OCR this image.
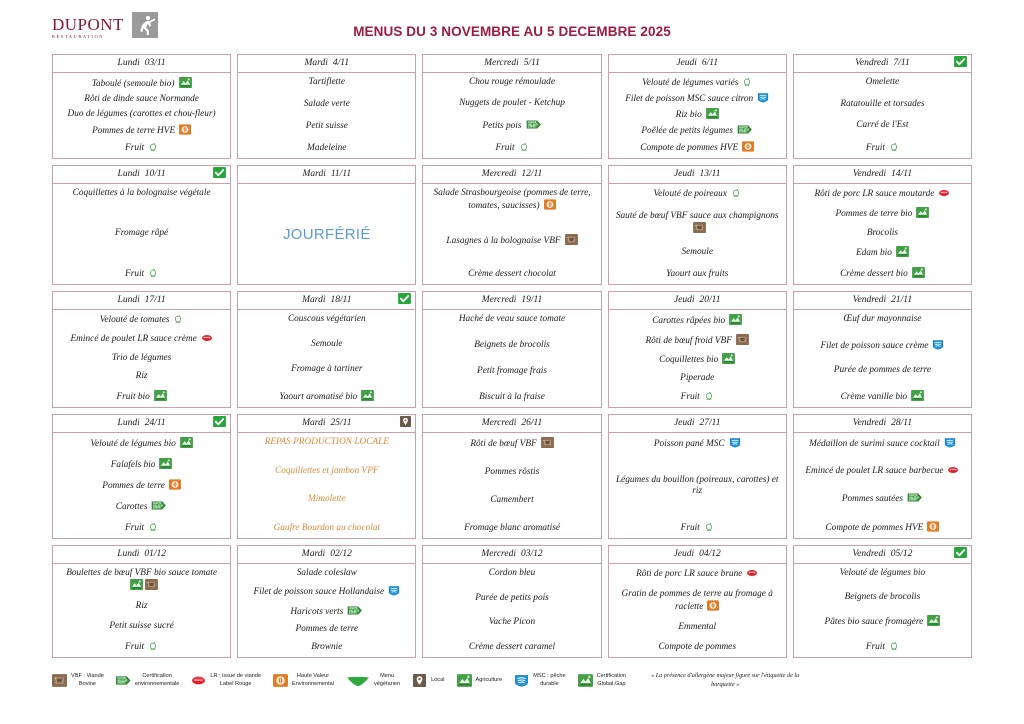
DUPONT
RESTAURATION	MENUS DU 3 NOVEMBRE AU 5 DECEMBRE 2025
Lundi 03/11
Taboulé (semoule bio)
Rôti de dinde sauce Normande
Duo de légumes (carottes et chou-fleur)
Pommes de terre HVE
Fruit
Mardi 4/11
Tartiflette
Salade verte
Petit suisse
Madeleine
Mercredi 5/11
Chou rouge rémoulade
Nuggets de poulet - Ketchup
Petits pois HAUTE
VALEUR
ENVIR.
Fruit
Jeudi 6/11
Velouté de légumes variés
Filet de poisson MSC sauce citron
Riz bio
Poêlée de petits légumes HAUTE
VALEUR
ENVIR.
Compote de pommes HVE
Vendredi 7/11
Omelette
Ratatouille et torsades
Carré de l'Est
Fruit
Lundi 10/11
Coquillettes à la bolognaise végétale
Fromage râpé
Fruit
Mardi 11/11
JOUR FÉRIÉ
Mercredi 12/11
Salade Strasbourgeoise (pommes de terre, tomates, saucisses)
Lasagnes à la bolognaise VBF
Crème dessert chocolat
Jeudi 13/11
Velouté de poireaux
Sauté de bœuf VBF sauce aux champignons
Semoule
Yaourt aux fruits
Vendredi 14/11
Rôti de porc LR sauce moutarde
Pommes de terre bio
Brocolis
Edam bio
Crème dessert bio
Lundi 17/11
Velouté de tomates
Emincé de poulet LR sauce crème
Trio de légumes
Riz
Fruit bio
Mardi 18/11
Couscous végétarien
Semoule
Fromage à tartiner
Yaourt aromatisé bio
Mercredi 19/11
Haché de veau sauce tomate
Beignets de brocolis
Petit fromage frais
Biscuit à la fraise
Jeudi 20/11
Carottes râpées bio
Rôti de bœuf froid VBF
Coquillettes bio
Piperade
Fruit
Vendredi 21/11
Œuf dur mayonnaise
Filet de poisson sauce crème
Purée de pommes de terre
Crème vanille bio
Lundi 24/11
Velouté de légumes bio
Falafels bio
Pommes de terre
Carottes HAUTE
VALEUR
ENVIR.
Fruit
Mardi 25/11
REPAS PRODUCTION LOCALE
Coquillettes et jambon VPF
Mimolette
Gaufre Bourdon au chocolat
Mercredi 26/11
Rôti de bœuf VBF
Pommes rôstis
Camembert
Fromage blanc aromatisé
Jeudi 27/11
Poisson pané MSC
Légumes du bouillon (poireaux, carottes) et riz
Fruit
Vendredi 28/11
Médaillon de surimi sauce cocktail
Emincé de poulet LR sauce barbecue
Pommes sautées HAUTE
VALEUR
ENVIR.
Compote de pommes HVE
Lundi 01/12
Boulettes de bœuf VBF bio sauce tomate
Riz
Petit suisse sucré
Fruit
Mardi 02/12
Salade coleslaw
Filet de poisson sauce Hollandaise
Haricots verts HAUTE
VALEUR
ENVIR.
Pommes de terre
Brownie
Mercredi 03/12
Cordon bleu
Purée de petits pois
Vache Picon
Crème dessert caramel
Jeudi 04/12
Rôti de porc LR sauce brune
Gratin de pommes de terre au fromage à raclette
Emmental
Compote de pommes
Vendredi 05/12
Velouté de légumes bio
Beignets de brocolis
Pâtes bio sauce fromagère
Fruit
VBF : Viande
Bovine
HAUTE
VALEUR
ENVIR.
Certification
environnementale
LR : issue de viande
Label Rouge
Haute Valeur
Environnemental
Menu
végétarien
Local	Agriculture
MSC : pêche
durable
Certification
Global.Gap
« La présence d'allergène majeur figure sur l'étiquette de la barquette »
